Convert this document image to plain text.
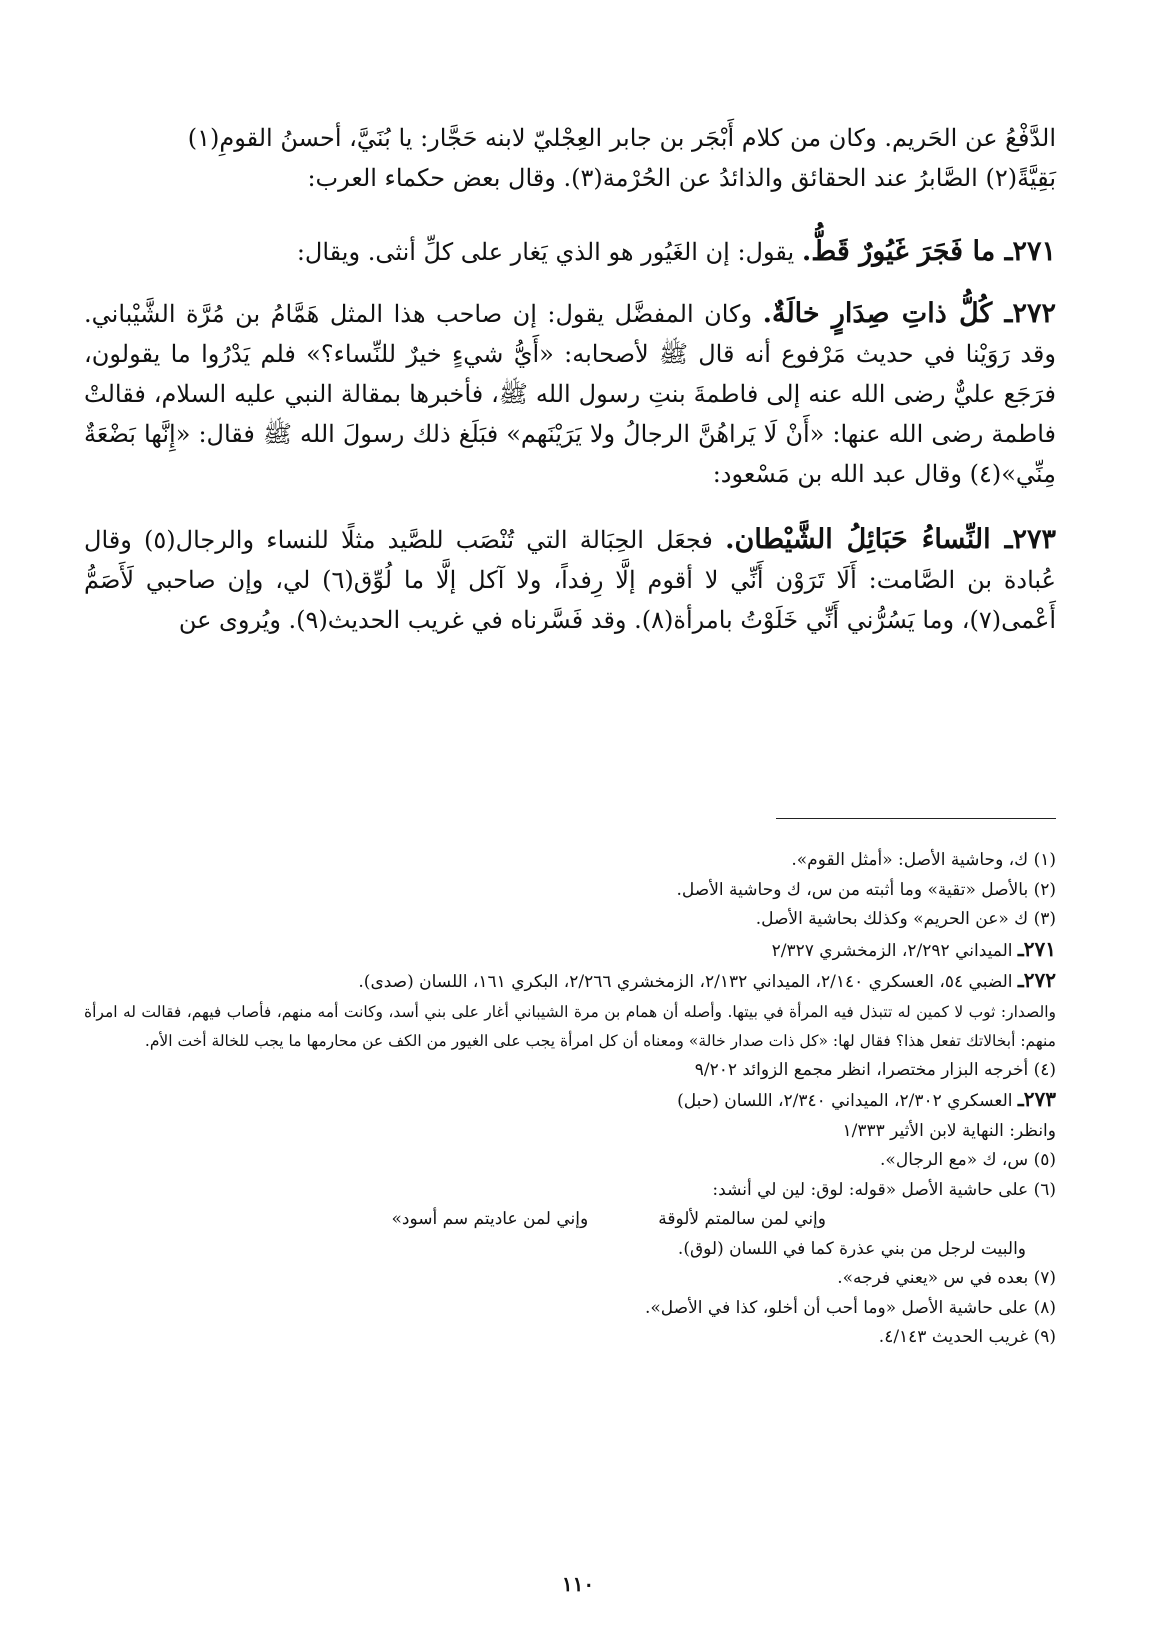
الدَّفْعُ عن الحَريم. وكان من كلام أَبْجَر بن جابر العِجْليّ لابنه حَجَّار: يا بُنَيَّ، أحسنُ القومِ(١)
بَقِيَّةً(٢) الصَّابرُ عند الحقائق والذائدُ عن الحُرْمة(٣). وقال بعض حكماء العرب:

٢٧١ـ ما فَجَرَ غَيُورٌ قَطُّ. يقول: إن الغَيُور هو الذي يَغار على كلِّ أنثى. ويقال:

٢٧٢ـ كُلُّ ذاتِ صِدَارٍ خالَةٌ. وكان المفضَّل يقول: إن صاحب هذا المثل هَمَّامُ بن مُرَّة الشَّيْباني. وقد رَوَيْنا في حديث مَرْفوع أنه قال ﷺ لأصحابه: «أَيُّ شيءٍ خيرٌ للنِّساء؟» فلم يَدْرُوا ما يقولون، فرَجَع عليٌّ رضى الله عنه إلى فاطمةَ بنتِ رسول الله ﷺ، فأخبرها بمقالة النبي عليه السلام، فقالتْ فاطمة رضى الله عنها: «أَنْ لَا يَراهُنَّ الرجالُ ولا يَرَيْنَهم» فبَلَغ ذلك رسولَ الله ﷺ فقال: «إِنَّها بَضْعَةٌ مِنِّي»(٤) وقال عبد الله بن مَسْعود:

٢٧٣ـ النِّساءُ حَبَائِلُ الشَّيْطان. فجعَل الحِبَالة التي تُنْصَب للصَّيد مثلًا للنساء والرجال(٥) وقال عُبادة بن الصَّامت: أَلَا تَرَوْن أَنِّي لا أقوم إلَّا رِفداً، ولا آكل إلَّا ما لُوِّق(٦) لي، وإن صاحبي لَأَصَمُّ أَعْمى(٧)، وما يَسُرُّني أَنِّي خَلَوْتُ بامرأة(٨). وقد فَسَّرناه في غريب الحديث(٩). ويُروى عن

(١) ك، وحاشية الأصل: «أمثل القوم».

(٢) بالأصل «تقية» وما أثبته من س، ك وحاشية الأصل.

(٣) ك «عن الحريم» وكذلك بحاشية الأصل.

٢٧١ـ الميداني ٢/٢٩٢، الزمخشري ٢/٣٢٧

٢٧٢ـ الضبي ٥٤، العسكري ٢/١٤٠، الميداني ٢/١٣٢، الزمخشري ٢/٢٦٦، البكري ١٦١، اللسان (صدى).

والصدار: ثوب لا كمين له تتبذل فيه المرأة في بيتها. وأصله أن همام بن مرة الشيباني أغار على بني أسد، وكانت أمه منهم، فأصاب فيهم، فقالت له امرأة منهم: أبخالاتك تفعل هذا؟ فقال لها: «كل ذات صدار خالة» ومعناه أن كل امرأة يجب على الغيور من الكف عن محارمها ما يجب للخالة أخت الأم.

(٤) أخرجه البزار مختصرا، انظر مجمع الزوائد ٩/٢٠٢

٢٧٣ـ العسكري ٢/٣٠٢، الميداني ٢/٣٤٠، اللسان (حبل)

وانظر: النهاية لابن الأثير ١/٣٣٣

(٥) س، ك «مع الرجال».

(٦) على حاشية الأصل «قوله: لوق: لين لي أنشد:

وإني لمن سالمتم لألوقة
وإني لمن عاديتم سم أسود»

والبيت لرجل من بني عذرة كما في اللسان (لوق).

(٧) بعده في س «يعني فرجه».

(٨) على حاشية الأصل «وما أحب أن أخلو، كذا في الأصل».

(٩) غريب الحديث ٤/١٤٣.

١١٠
